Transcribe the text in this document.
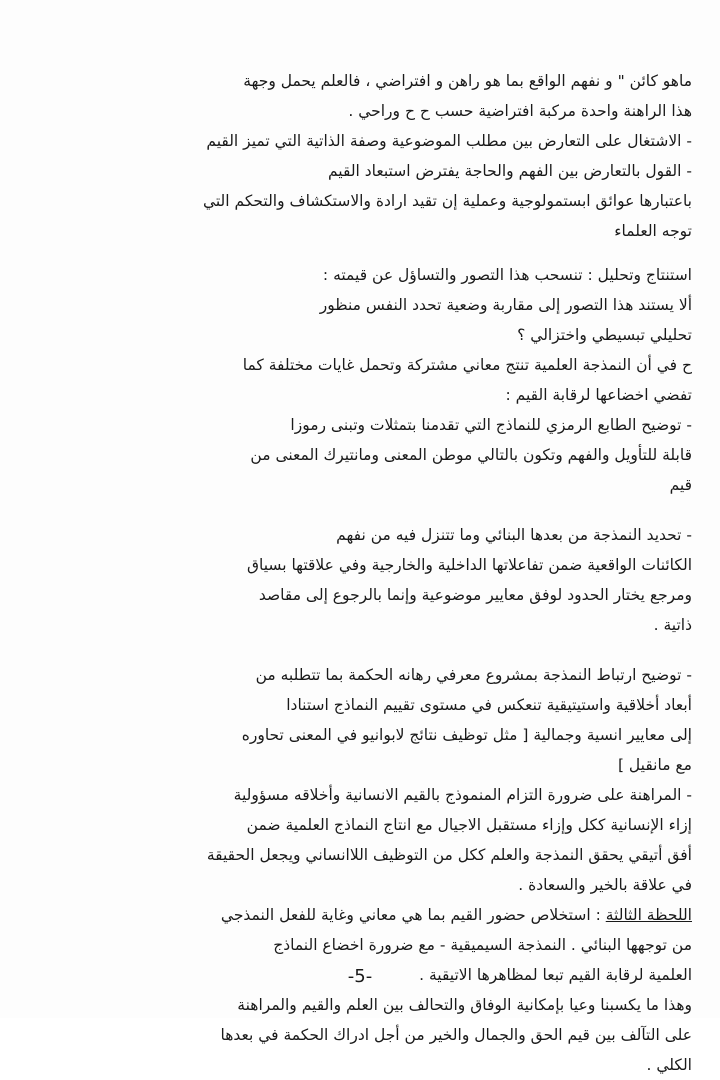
ماهو كائن " و نفهم الواقع بما هو راهن و افتراضي ، فالعلم يحمل وجهة
هذا الراهنة واحدة مركبة افتراضية حسب ح ح وراحي .
- الاشتغال على التعارض بين مطلب الموضوعية وصفة الذاتية التي تميز القيم
- القول بالتعارض بين الفهم والحاجة يفترض استبعاد القيم
باعتبارها عوائق ابستمولوجية وعملية إن تقيد ارادة والاستكشاف والتحكم التي
توجه العلماء
استنتاج وتحليل : تنسحب هذا التصور والتساؤل عن قيمته :
ألا يستند هذا التصور إلى مقاربة وضعية تحدد النفس منظور
تحليلي تبسيطي واختزالي ؟
ح في أن النمذجة العلمية تنتج معاني مشتركة وتحمل غايات مختلفة كما
تفضي اخضاعها لرقابة القيم :
- توضيح الطابع الرمزي للنماذج التي تقدمنا بتمثلات وتبنى رموزا
قابلة للتأويل والفهم وتكون بالتالي موطن المعنى ومانتيرك المعنى من
قيم
- تحديد النمذجة من بعدها البنائي وما تتنزل فيه من نفهم
الكائنات الواقعية ضمن تفاعلاتها الداخلية والخارجية وفي علاقتها بسياق
ومرجع يختار الحدود لوفق معايير موضوعية وإنما بالرجوع إلى مقاصد
ذاتية .
- توضيح ارتباط النمذجة بمشروع معرفي رهانه الحكمة بما تتطلبه من
أبعاد أخلاقية واستيتيقية تنعكس في مستوى تقييم النماذج استنادا
إلى معايير انسية وجمالية [ مثل توظيف نتائج لابوانيو في المعنى تحاوره
مع مانقيل ]
- المراهنة على ضرورة التزام المنموذج بالقيم الانسانية وأخلاقه مسؤولية
إزاء الإنسانية ككل وإزاء مستقبل الاجيال مع انتاج النماذج العلمية ضمن
أفق أتيقي يحقق النمذجة والعلم ككل من التوظيف اللاانساني ويجعل الحقيقة
في علاقة بالخير والسعادة .
اللحظة الثالثة : استخلاص حضور القيم بما هي معاني وغاية للفعل النمذجي
من توجهها البنائي . النمذجة السيميقية - مع ضرورة اخضاع النماذج
العلمية لرقابة القيم تبعا لمظاهرها الاتيقية .
وهذا ما يكسبنا وعيا بإمكانية الوفاق والتحالف بين العلم والقيم والمراهنة
على التآلف بين قيم الحق والجمال والخير من أجل ادراك الحكمة في بعدها
الكلي .
-5-
